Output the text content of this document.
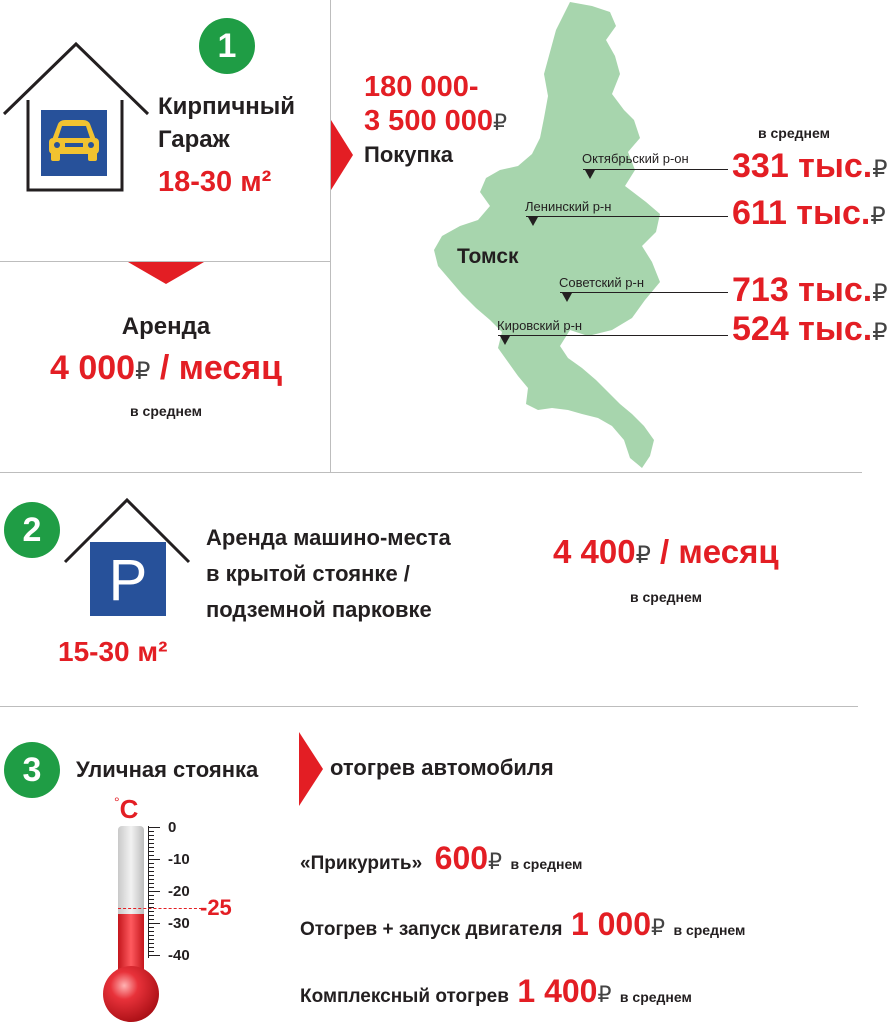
1
Кирпичный
Гараж
18-30 м²
Аренда
4 000₽ / месяц
в среднем
180 000-
3 500 000₽
Покупка
Томск
в среднем
Октябрьский р-он 331 тыс.₽
Ленинский р-н	611 тыс.₽
Советский р-н	713 тыс.₽
Кировский р-н	524 тыс.₽
2
P
Аренда машино-места
в крытой стоянке /
подземной парковке
15-30 м²
4 400₽ / месяц
в среднем
3	Уличная стоянка	отогрев автомобиля
°C
0
-10
-20
-30
-40
-25
«Прикурить» 600₽ в среднем
Отогрев + запуск двигателя 1 000₽ в среднем
Комплексный отогрев 1 400₽ в среднем
